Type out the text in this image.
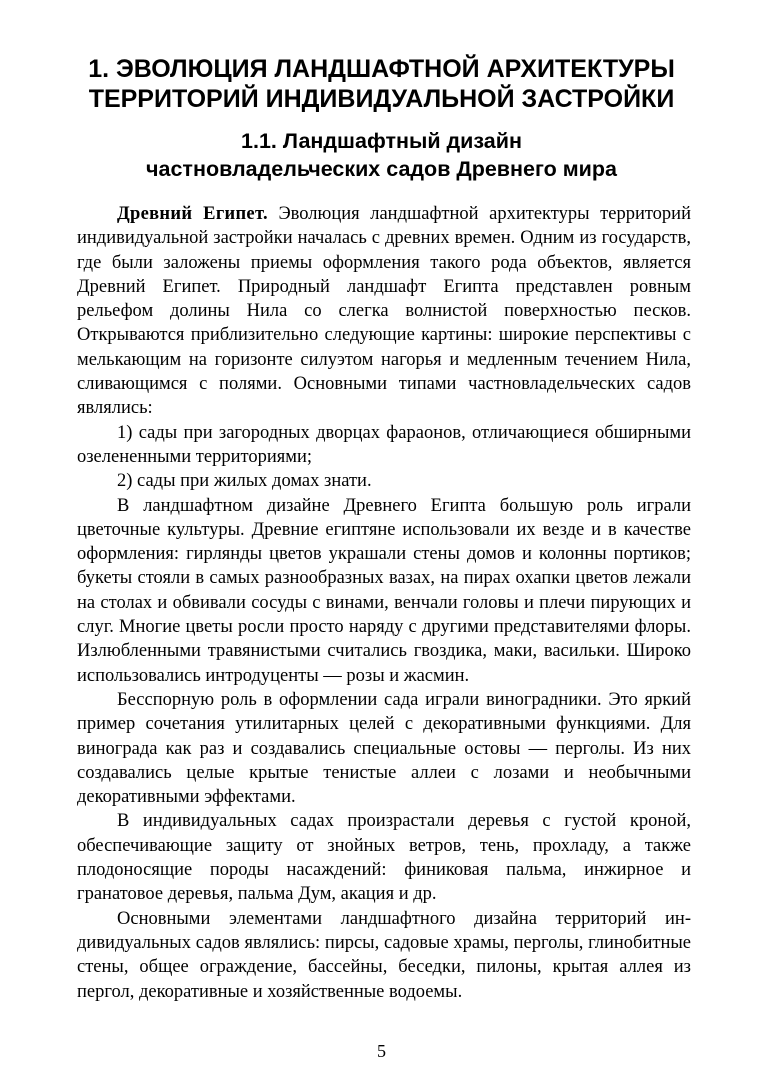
1. ЭВОЛЮЦИЯ ЛАНДШАФТНОЙ АРХИТЕКТУРЫ
ТЕРРИТОРИЙ ИНДИВИДУАЛЬНОЙ ЗАСТРОЙКИ
1.1. Ландшафтный дизайн
частновладельческих садов Древнего мира

Древний Египет. Эволюция ландшафтной архитектуры территорий индивидуальной застройки началась с древних времен. Одним из государств, где были заложены приемы оформления такого рода объектов, является Древний Египет. Природный ландшафт Египта представлен ровным рельефом долины Нила со слегка волнистой поверхностью песков. Открываются приблизительно следующие картины: широкие перспективы с мелькающим на горизонте силуэтом нагорья и медленным течением Нила, сливающимся с полями. Основными типами частновладельческих садов являлись:

1) сады при загородных дворцах фараонов, отличающиеся обширными озелененными территориями;

2) сады при жилых домах знати.

В ландшафтном дизайне Древнего Египта большую роль играли цветочные культуры. Древние египтяне использовали их везде и в качестве оформления: гирлянды цветов украшали стены домов и колонны портиков; букеты стояли в самых разнообразных вазах, на пирах охапки цветов лежали на столах и обвивали сосуды с винами, венчали головы и плечи пирующих и слуг. Многие цветы росли просто наряду с другими представителями флоры. Излюбленными травянистыми считались гвоздика, маки, васильки. Широко использовались интродуценты — розы и жасмин.

Бесспорную роль в оформлении сада играли виноградники. Это яркий пример сочетания утилитарных целей с декоративными функциями. Для винограда как раз и создавались специальные остовы — перголы. Из них создавались целые крытые тенистые аллеи с лозами и необычными декоративными эффектами.

В индивидуальных садах произрастали деревья с густой кроной, обеспечивающие защиту от знойных ветров, тень, прохладу, а также плодоносящие породы насаждений: финиковая пальма, инжирное и гранатовое деревья, пальма Дум, акация и др.

Основными элементами ландшафтного дизайна территорий индивидуальных садов являлись: пирсы, садовые храмы, перголы, глинобитные стены, общее ограждение, бассейны, беседки, пилоны, крытая аллея из пергол, декоративные и хозяйственные водоемы.

5
